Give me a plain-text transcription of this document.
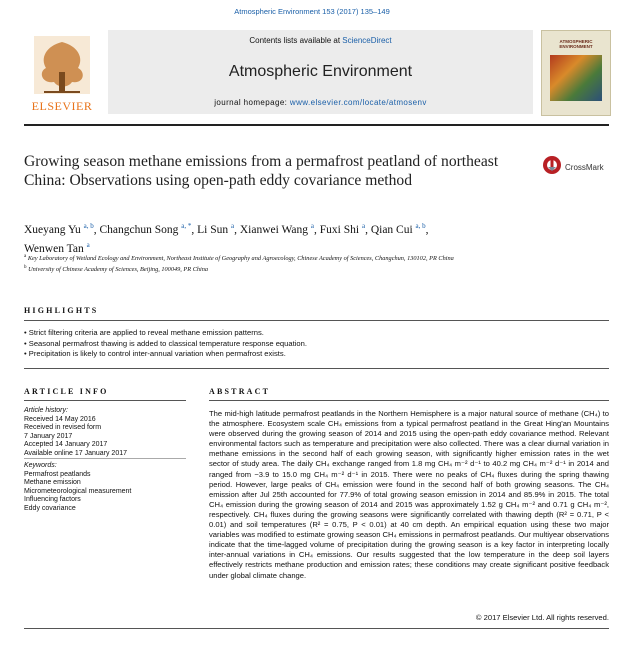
Atmospheric Environment 153 (2017) 135–149
ELSEVIER
Contents lists available at ScienceDirect
Atmospheric Environment
journal homepage: www.elsevier.com/locate/atmosenv
ATMOSPHERIC ENVIRONMENT
Growing season methane emissions from a permafrost peatland of northeast China: Observations using open-path eddy covariance method
CrossMark
Xueyang Yu $^{a, b}$, Changchun Song $^{a, *}$, Li Sun $^a$, Xianwei Wang $^a$, Fuxi Shi $^a$, Qian Cui $^{a, b}$,
Wenwen Tan $^a$
$^a$ Key Laboratory of Wetland Ecology and Environment, Northeast Institute of Geography and Agroecology, Chinese Academy of Sciences, Changchun, 130102, PR China
$^b$ University of Chinese Academy of Sciences, Beijing, 100049, PR China
HIGHLIGHTS
• Strict filtering criteria are applied to reveal methane emission patterns.
• Seasonal permafrost thawing is added to classical temperature response equation.
• Precipitation is likely to control inter-annual variation when permafrost exists.
ARTICLE INFO
Article history:
Received 14 May 2016
Received in revised form
7 January 2017
Accepted 14 January 2017
Available online 17 January 2017
Keywords:
Permafrost peatlands
Methane emission
Micrometeorological measurement
Influencing factors
Eddy covariance
ABSTRACT
The mid-high latitude permafrost peatlands in the Northern Hemisphere is a major natural source of methane (CH₄) to the atmosphere. Ecosystem scale CH₄ emissions from a typical permafrost peatland in the Great Hing'an Mountains were observed during the growing season of 2014 and 2015 using the open-path eddy covariance method. Relevant environmental factors such as temperature and precipitation were also collected. There was a clear diurnal variation in methane emissions in the second half of each growing season, with significantly higher emission rates in the wet sector of study area. The daily CH₄ exchange ranged from 1.8 mg CH₄ m⁻² d⁻¹ to 40.2 mg CH₄ m⁻² d⁻¹ in 2014 and ranged from −3.9 to 15.0 mg CH₄ m⁻² d⁻¹ in 2015. There were no peaks of CH₄ fluxes during the spring thawing period. However, large peaks of CH₄ emission were found in the second half of both growing seasons. The CH₄ emission after Jul 25th accounted for 77.9% of total growing season emission in 2014 and 85.9% in 2015. The total CH₄ emission during the growing season of 2014 and 2015 was approximately 1.52 g CH₄ m⁻² and 0.71 g CH₄ m⁻², respectively. CH₄ fluxes during the growing seasons were significantly correlated with thawing depth (R² = 0.71, P < 0.01) and soil temperatures (R² = 0.75, P < 0.01) at 40 cm depth. An empirical equation using these two major variables was modified to estimate growing season CH₄ emissions in permafrost peatlands. Our multiyear observations indicate that the time-lagged volume of precipitation during the growing season is a key factor in interpreting locally inter-annual variations in CH₄ emissions. Our results suggested that the low temperature in the deep soil layers effectively restricts methane production and emission rates; these conditions may create significant positive feedback under global climate change.
© 2017 Elsevier Ltd. All rights reserved.
